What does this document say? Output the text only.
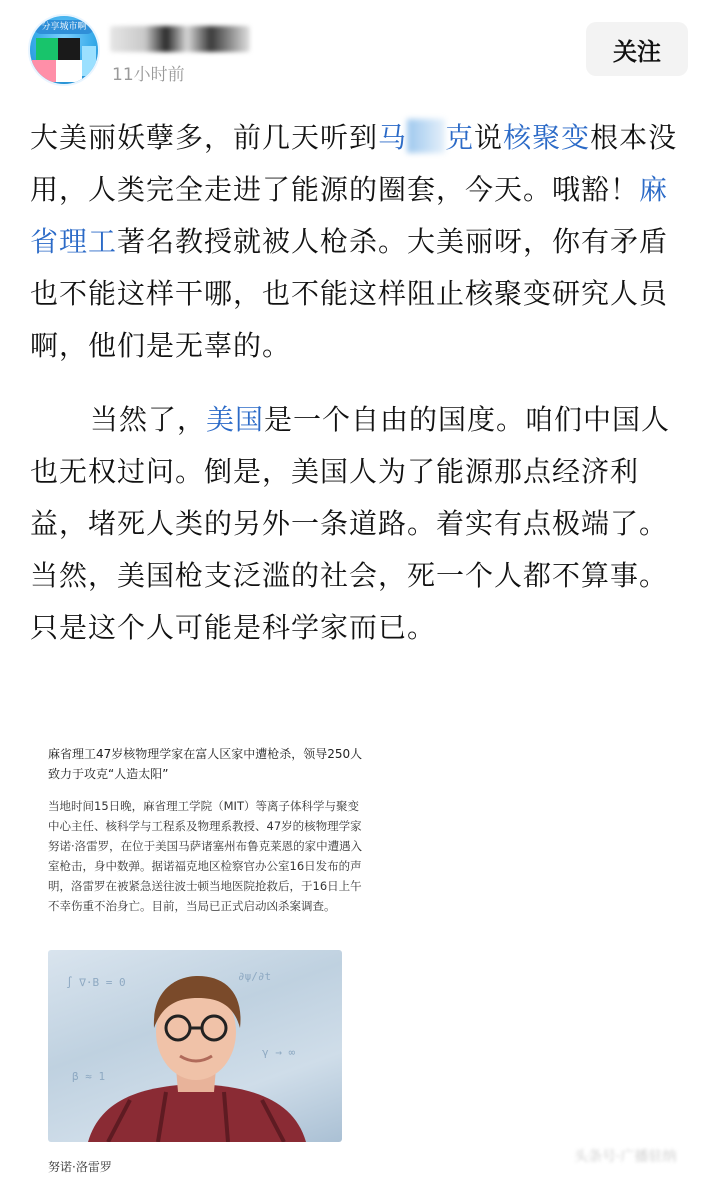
分享城市啊
11小时前
关注

大美丽妖孽多，前几天听到马 克说核聚变根本没用，人类完全走进了能源的圈套，今天。哦豁！麻省理工著名教授就被人枪杀。大美丽呀，你有矛盾也不能这样干哪，也不能这样阻止核聚变研究人员啊，他们是无辜的。

当然了，美国是一个自由的国度。咱们中国人也无权过问。倒是，美国人为了能源那点经济利益，堵死人类的另外一条道路。着实有点极端了。当然，美国枪支泛滥的社会，死一个人都不算事。只是这个人可能是科学家而已。

麻省理工47岁核物理学家在富人区家中遭枪杀，领导250人致力于攻克“人造太阳”
当地时间15日晚，麻省理工学院（MIT）等离子体科学与聚变中心主任、核科学与工程系及物理系教授、47岁的核物理学家努诺·洛雷罗，在位于美国马萨诸塞州布鲁克莱恩的家中遭遇入室枪击，身中数弹。据诺福克地区检察官办公室16日发布的声明，洛雷罗在被紧急送往波士顿当地医院抢救后，于16日上午不幸伤重不治身亡。目前，当局已正式启动凶杀案调查。
∫ ∇·B = 0	∂ψ/∂t
γ → ∞
β ≈ 1
努诺·洛雷罗
头条号·广播驻纳
